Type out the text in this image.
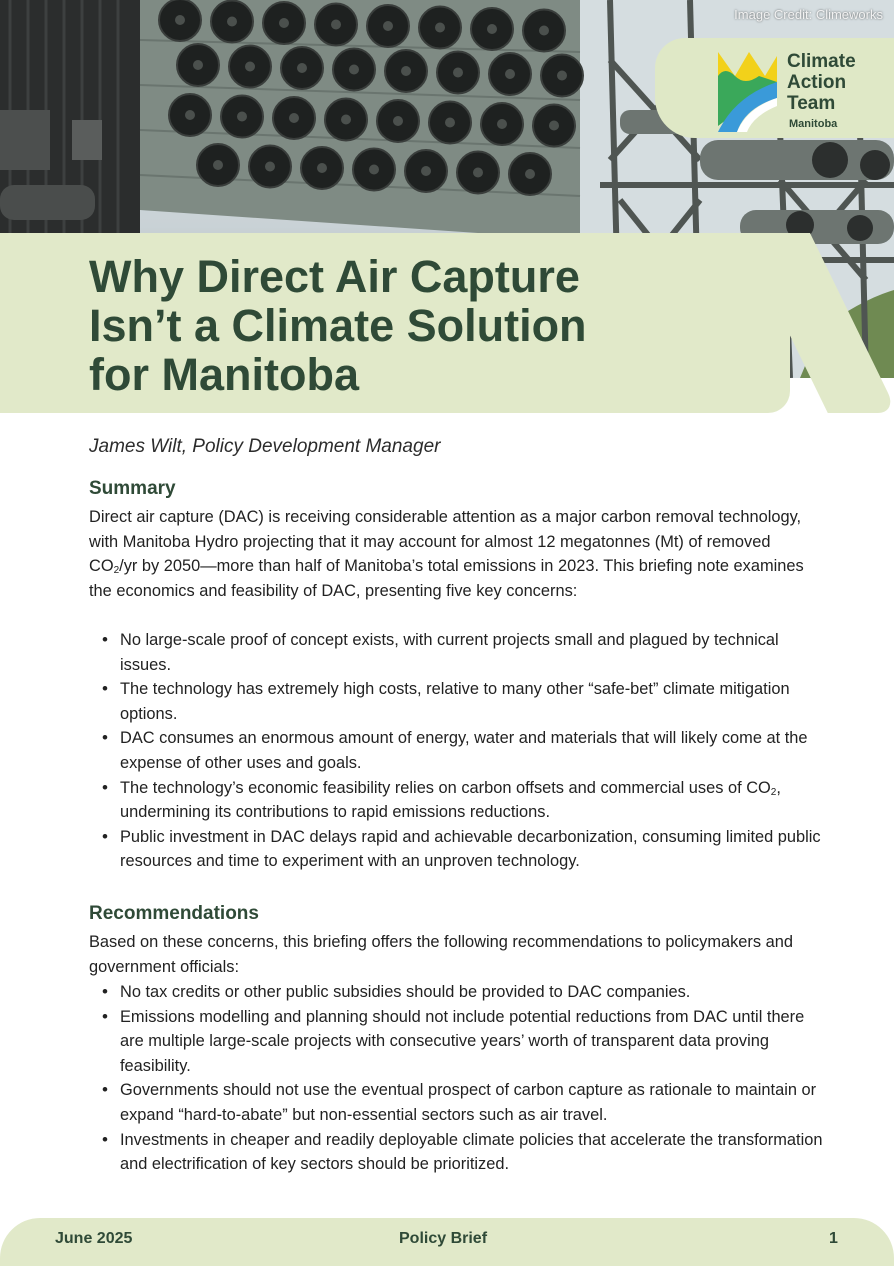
Image Credit: Climeworks
Climate
Action
Team
Manitoba
Why Direct Air Capture
Isn’t a Climate Solution
for Manitoba
James Wilt, Policy Development Manager
Summary

Direct air capture (DAC) is receiving considerable attention as a major carbon removal technology, with Manitoba Hydro projecting that it may account for almost 12 megatonnes (Mt) of removed $CO_2/yr$ by 2050—more than half of Manitoba’s total emissions in 2023. This briefing note examines the economics and feasibility of DAC, presenting five key concerns:

• No large-scale proof of concept exists, with current projects small and plagued by technical issues.
• The technology has extremely high costs, relative to many other “safe-bet” climate mitigation options.
• DAC consumes an enormous amount of energy, water and materials that will likely come at the expense of other uses and goals.
• The technology’s economic feasibility relies on carbon offsets and commercial uses of $CO_2$, undermining its contributions to rapid emissions reductions.
• Public investment in DAC delays rapid and achievable decarbonization, consuming limited public resources and time to experiment with an unproven technology.
Recommendations

Based on these concerns, this briefing offers the following recommendations to policymakers and government officials:

• No tax credits or other public subsidies should be provided to DAC companies.
• Emissions modelling and planning should not include potential reductions from DAC until there are multiple large-scale projects with consecutive years’ worth of transparent data proving feasibility.
• Governments should not use the eventual prospect of carbon capture as rationale to maintain or expand “hard-to-abate” but non-essential sectors such as air travel.
• Investments in cheaper and readily deployable climate policies that accelerate the transformation and electrification of key sectors should be prioritized.
June 2025	Policy Brief	1
